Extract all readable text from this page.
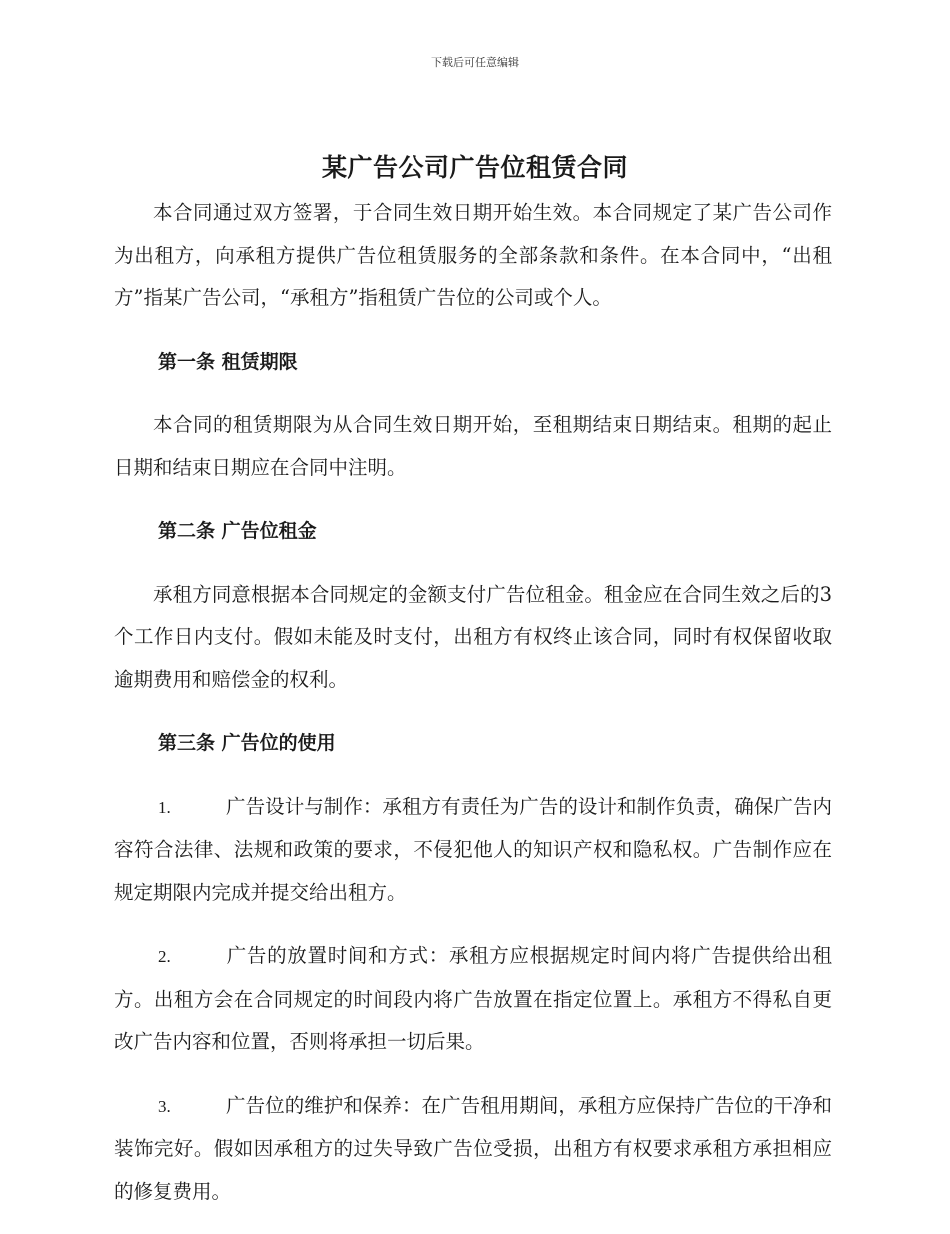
下载后可任意编辑
某广告公司广告位租赁合同

本合同通过双方签署，于合同生效日期开始生效。本合同规定了某广告公司作为出租方，向承租方提供广告位租赁服务的全部条款和条件。在本合同中，“出租方”指某广告公司，“承租方”指租赁广告位的公司或个人。

第一条 租赁期限

本合同的租赁期限为从合同生效日期开始，至租期结束日期结束。租期的起止日期和结束日期应在合同中注明。

第二条 广告位租金

承租方同意根据本合同规定的金额支付广告位租金。租金应在合同生效之后的3个工作日内支付。假如未能及时支付，出租方有权终止该合同，同时有权保留收取逾期费用和赔偿金的权利。

第三条 广告位的使用

1.	广告设计与制作：承租方有责任为广告的设计和制作负责，确保广告内容符合法律、法规和政策的要求，不侵犯他人的知识产权和隐私权。广告制作应在规定期限内完成并提交给出租方。

2.	广告的放置时间和方式：承租方应根据规定时间内将广告提供给出租方。出租方会在合同规定的时间段内将广告放置在指定位置上。承租方不得私自更改广告内容和位置，否则将承担一切后果。

3.	广告位的维护和保养：在广告租用期间，承租方应保持广告位的干净和装饰完好。假如因承租方的过失导致广告位受损，出租方有权要求承租方承担相应的修复费用。
